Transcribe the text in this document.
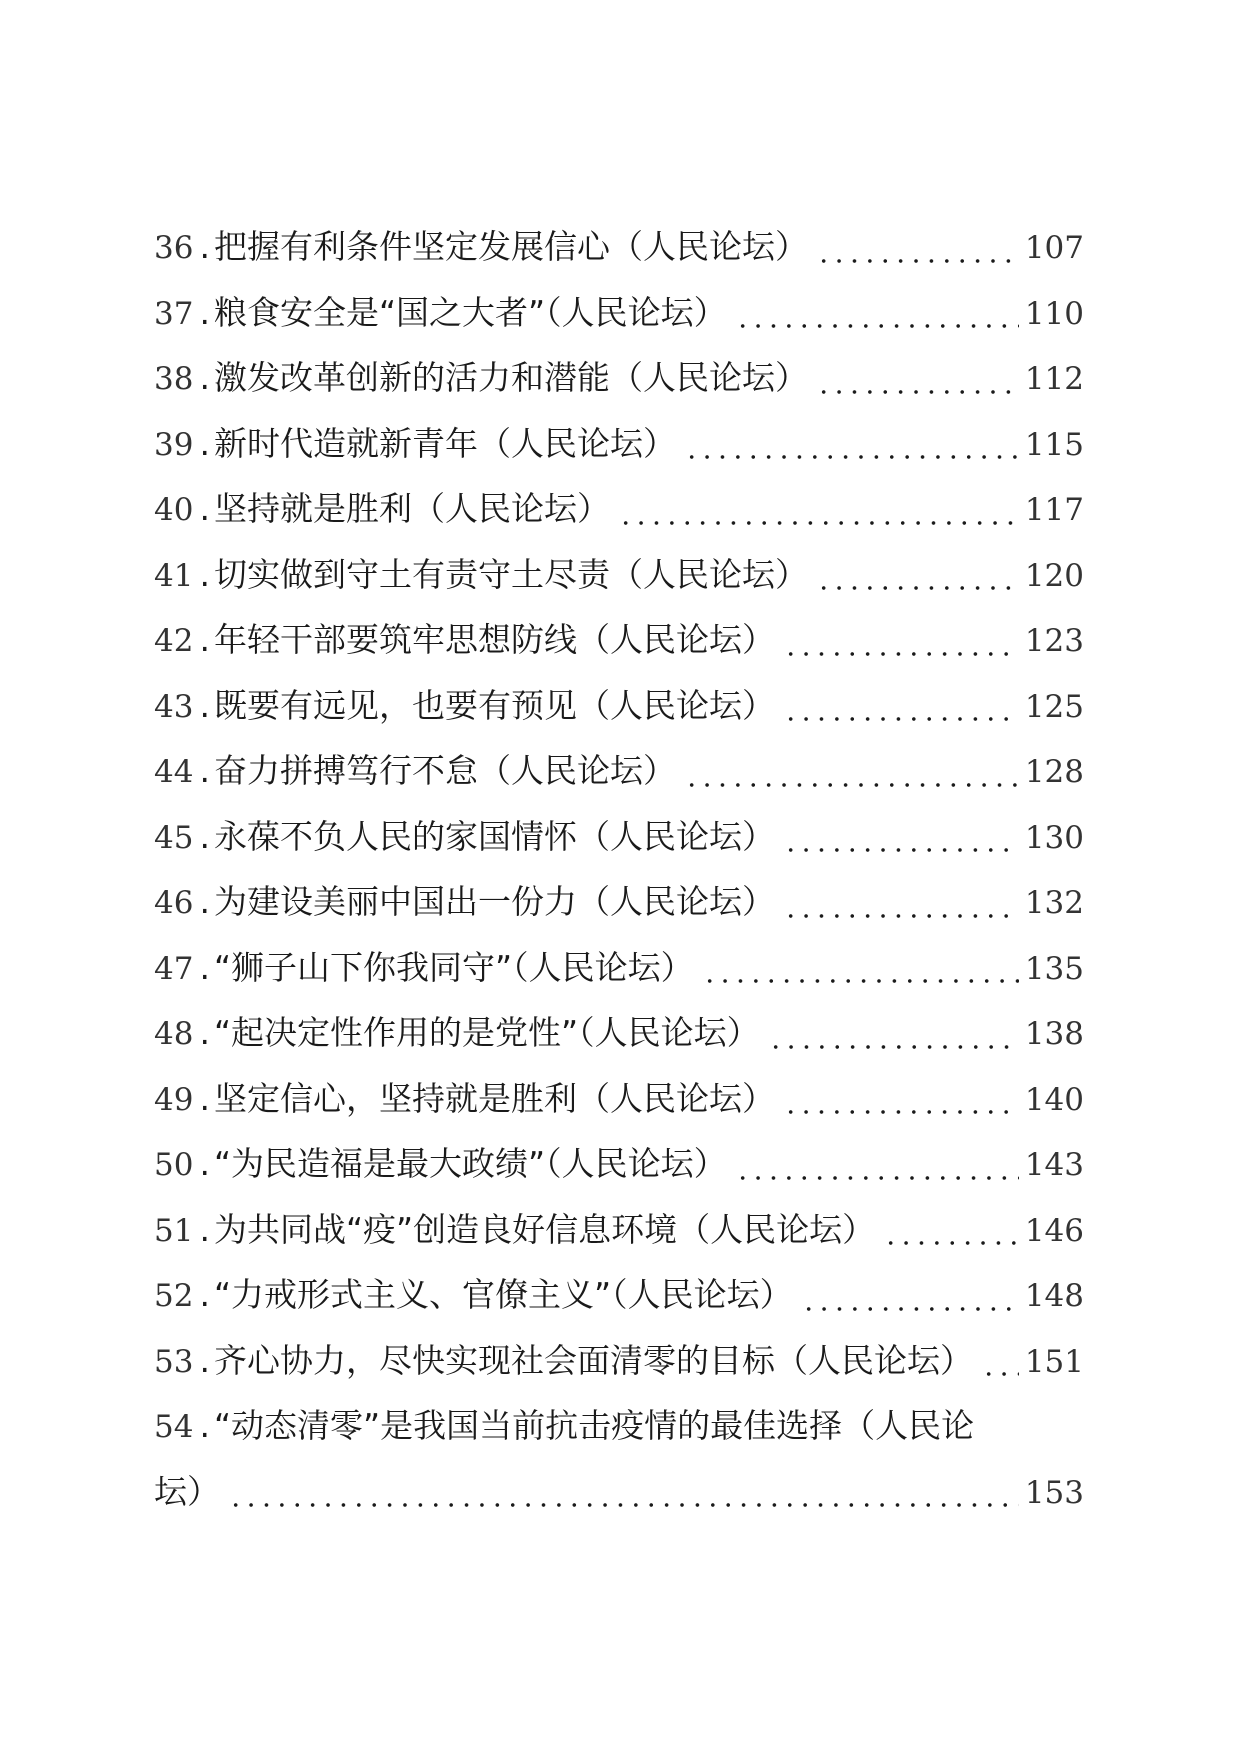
36 . 把握有利条件坚定发展信心（人民论坛）	107
37 . 粮食安全是“国之大者”（人民论坛）	110
38 . 激发改革创新的活力和潜能（人民论坛）	112
39 . 新时代造就新青年（人民论坛）	115
40 . 坚持就是胜利（人民论坛）	117
41 . 切实做到守土有责守土尽责（人民论坛）	120
42 . 年轻干部要筑牢思想防线（人民论坛）	123
43 . 既要有远见，也要有预见（人民论坛）	125
44 . 奋力拼搏笃行不怠（人民论坛）	128
45 . 永葆不负人民的家国情怀（人民论坛）	130
46 . 为建设美丽中国出一份力（人民论坛）	132
47 . “狮子山下你我同守”（人民论坛）	135
48 . “起决定性作用的是党性”（人民论坛）	138
49 . 坚定信心，坚持就是胜利（人民论坛）	140
50 . “为民造福是最大政绩”（人民论坛）	143
51 . 为共同战“疫”创造良好信息环境（人民论坛）	146
52 . “力戒形式主义、官僚主义”（人民论坛）	148
53 . 齐心协力，尽快实现社会面清零的目标（人民论坛） 151
54 . “动态清零”是我国当前抗击疫情的最佳选择（人民论
坛）	153
